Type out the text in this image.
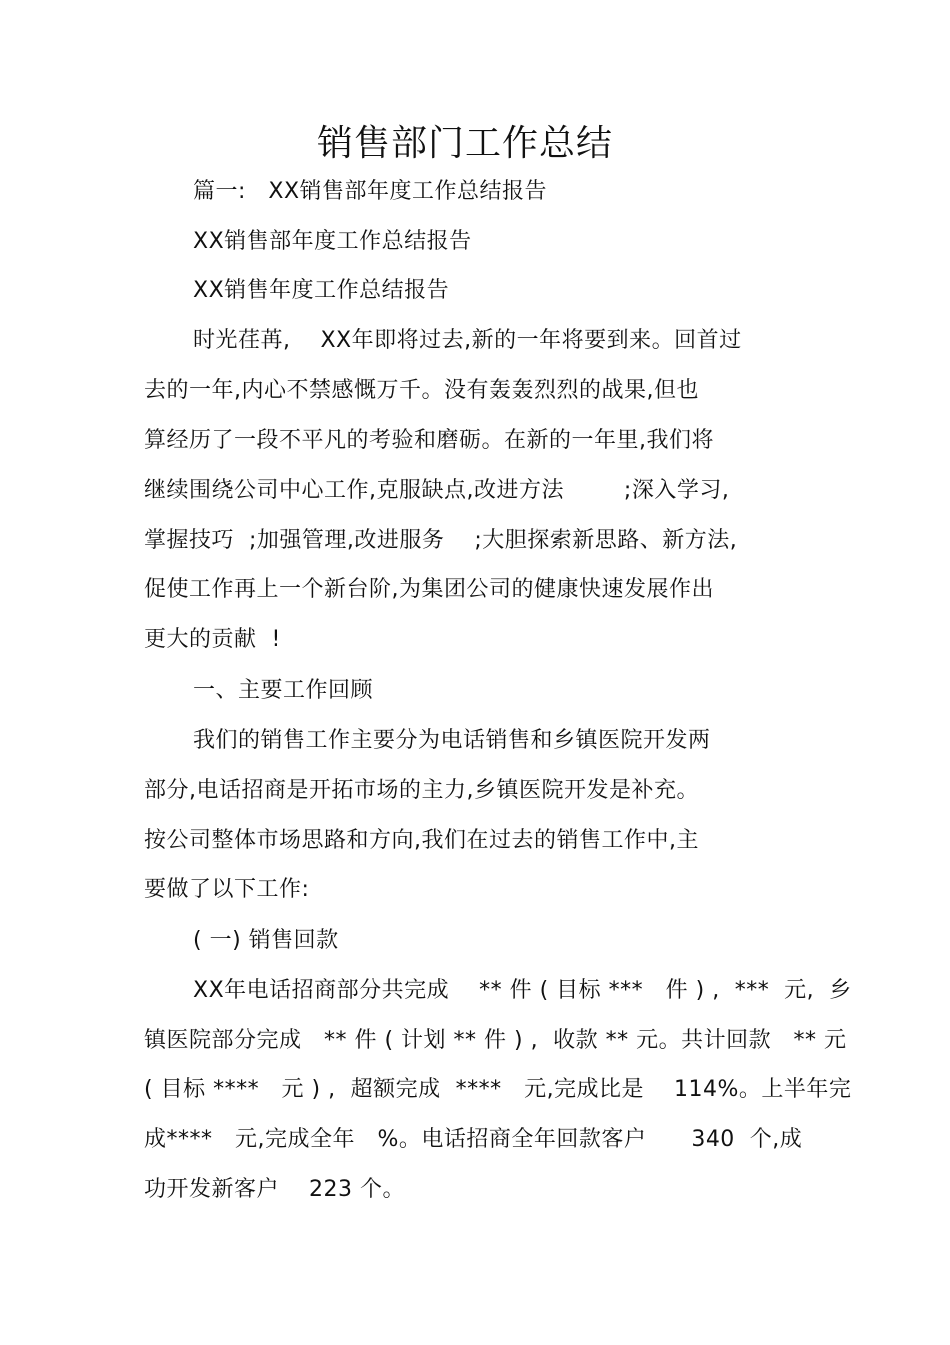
销售部门工作总结
篇一:   XX销售部年度工作总结报告
XX销售部年度工作总结报告
XX销售年度工作总结报告
时光荏苒,    XX年即将过去,新的一年将要到来。回首过
去的一年,内心不禁感慨万千。没有轰轰烈烈的战果,但也
算经历了一段不平凡的考验和磨砺。在新的一年里,我们将
继续围绕公司中心工作,克服缺点,改进方法        ;深入学习,
掌握技巧  ;加强管理,改进服务    ;大胆探索新思路、新方法,
促使工作再上一个新台阶,为集团公司的健康快速发展作出
更大的贡献  !
一、主要工作回顾
我们的销售工作主要分为电话销售和乡镇医院开发两
部分,电话招商是开拓市场的主力,乡镇医院开发是补充。
按公司整体市场思路和方向,我们在过去的销售工作中,主
要做了以下工作:
( 一) 销售回款
XX年电话招商部分共完成    ** 件 ( 目标 ***   件 ) ,  ***  元,  乡
镇医院部分完成   ** 件 ( 计划 ** 件 ) ,  收款 ** 元。共计回款   ** 元
( 目标 ****   元 ) ,  超额完成  ****   元,完成比是    114%。上半年完
成****   元,完成全年   %。电话招商全年回款客户      340  个,成
功开发新客户    223 个。
